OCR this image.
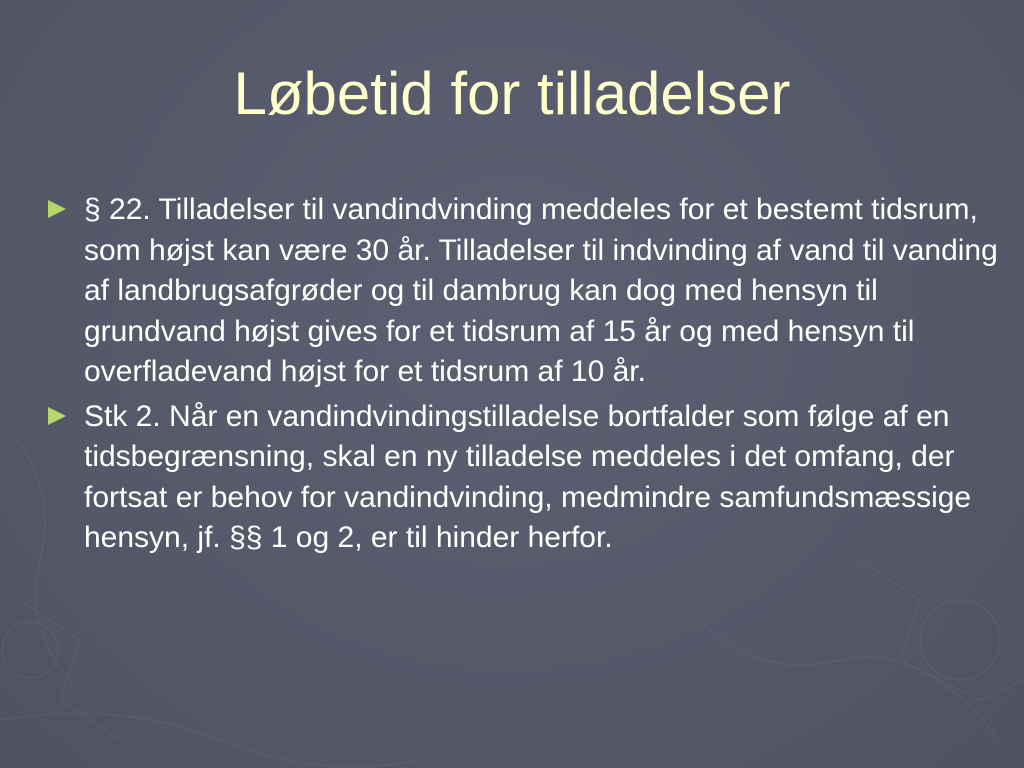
Løbetid for tilladelser
§ 22. Tilladelser til vandindvinding meddeles for et bestemt tidsrum, som højst kan være 30 år. Tilladelser til indvinding af vand til vanding af landbrugsafgrøder og til dambrug kan dog med hensyn til grundvand højst gives for et tidsrum af 15 år og med hensyn til overfladevand højst for et tidsrum af 10 år.
Stk 2. Når en vandindvindingstilladelse bortfalder som følge af en tidsbegrænsning, skal en ny tilladelse meddeles i det omfang, der fortsat er behov for vandindvinding, medmindre samfundsmæssige hensyn, jf. §§ 1 og 2, er til hinder herfor.
